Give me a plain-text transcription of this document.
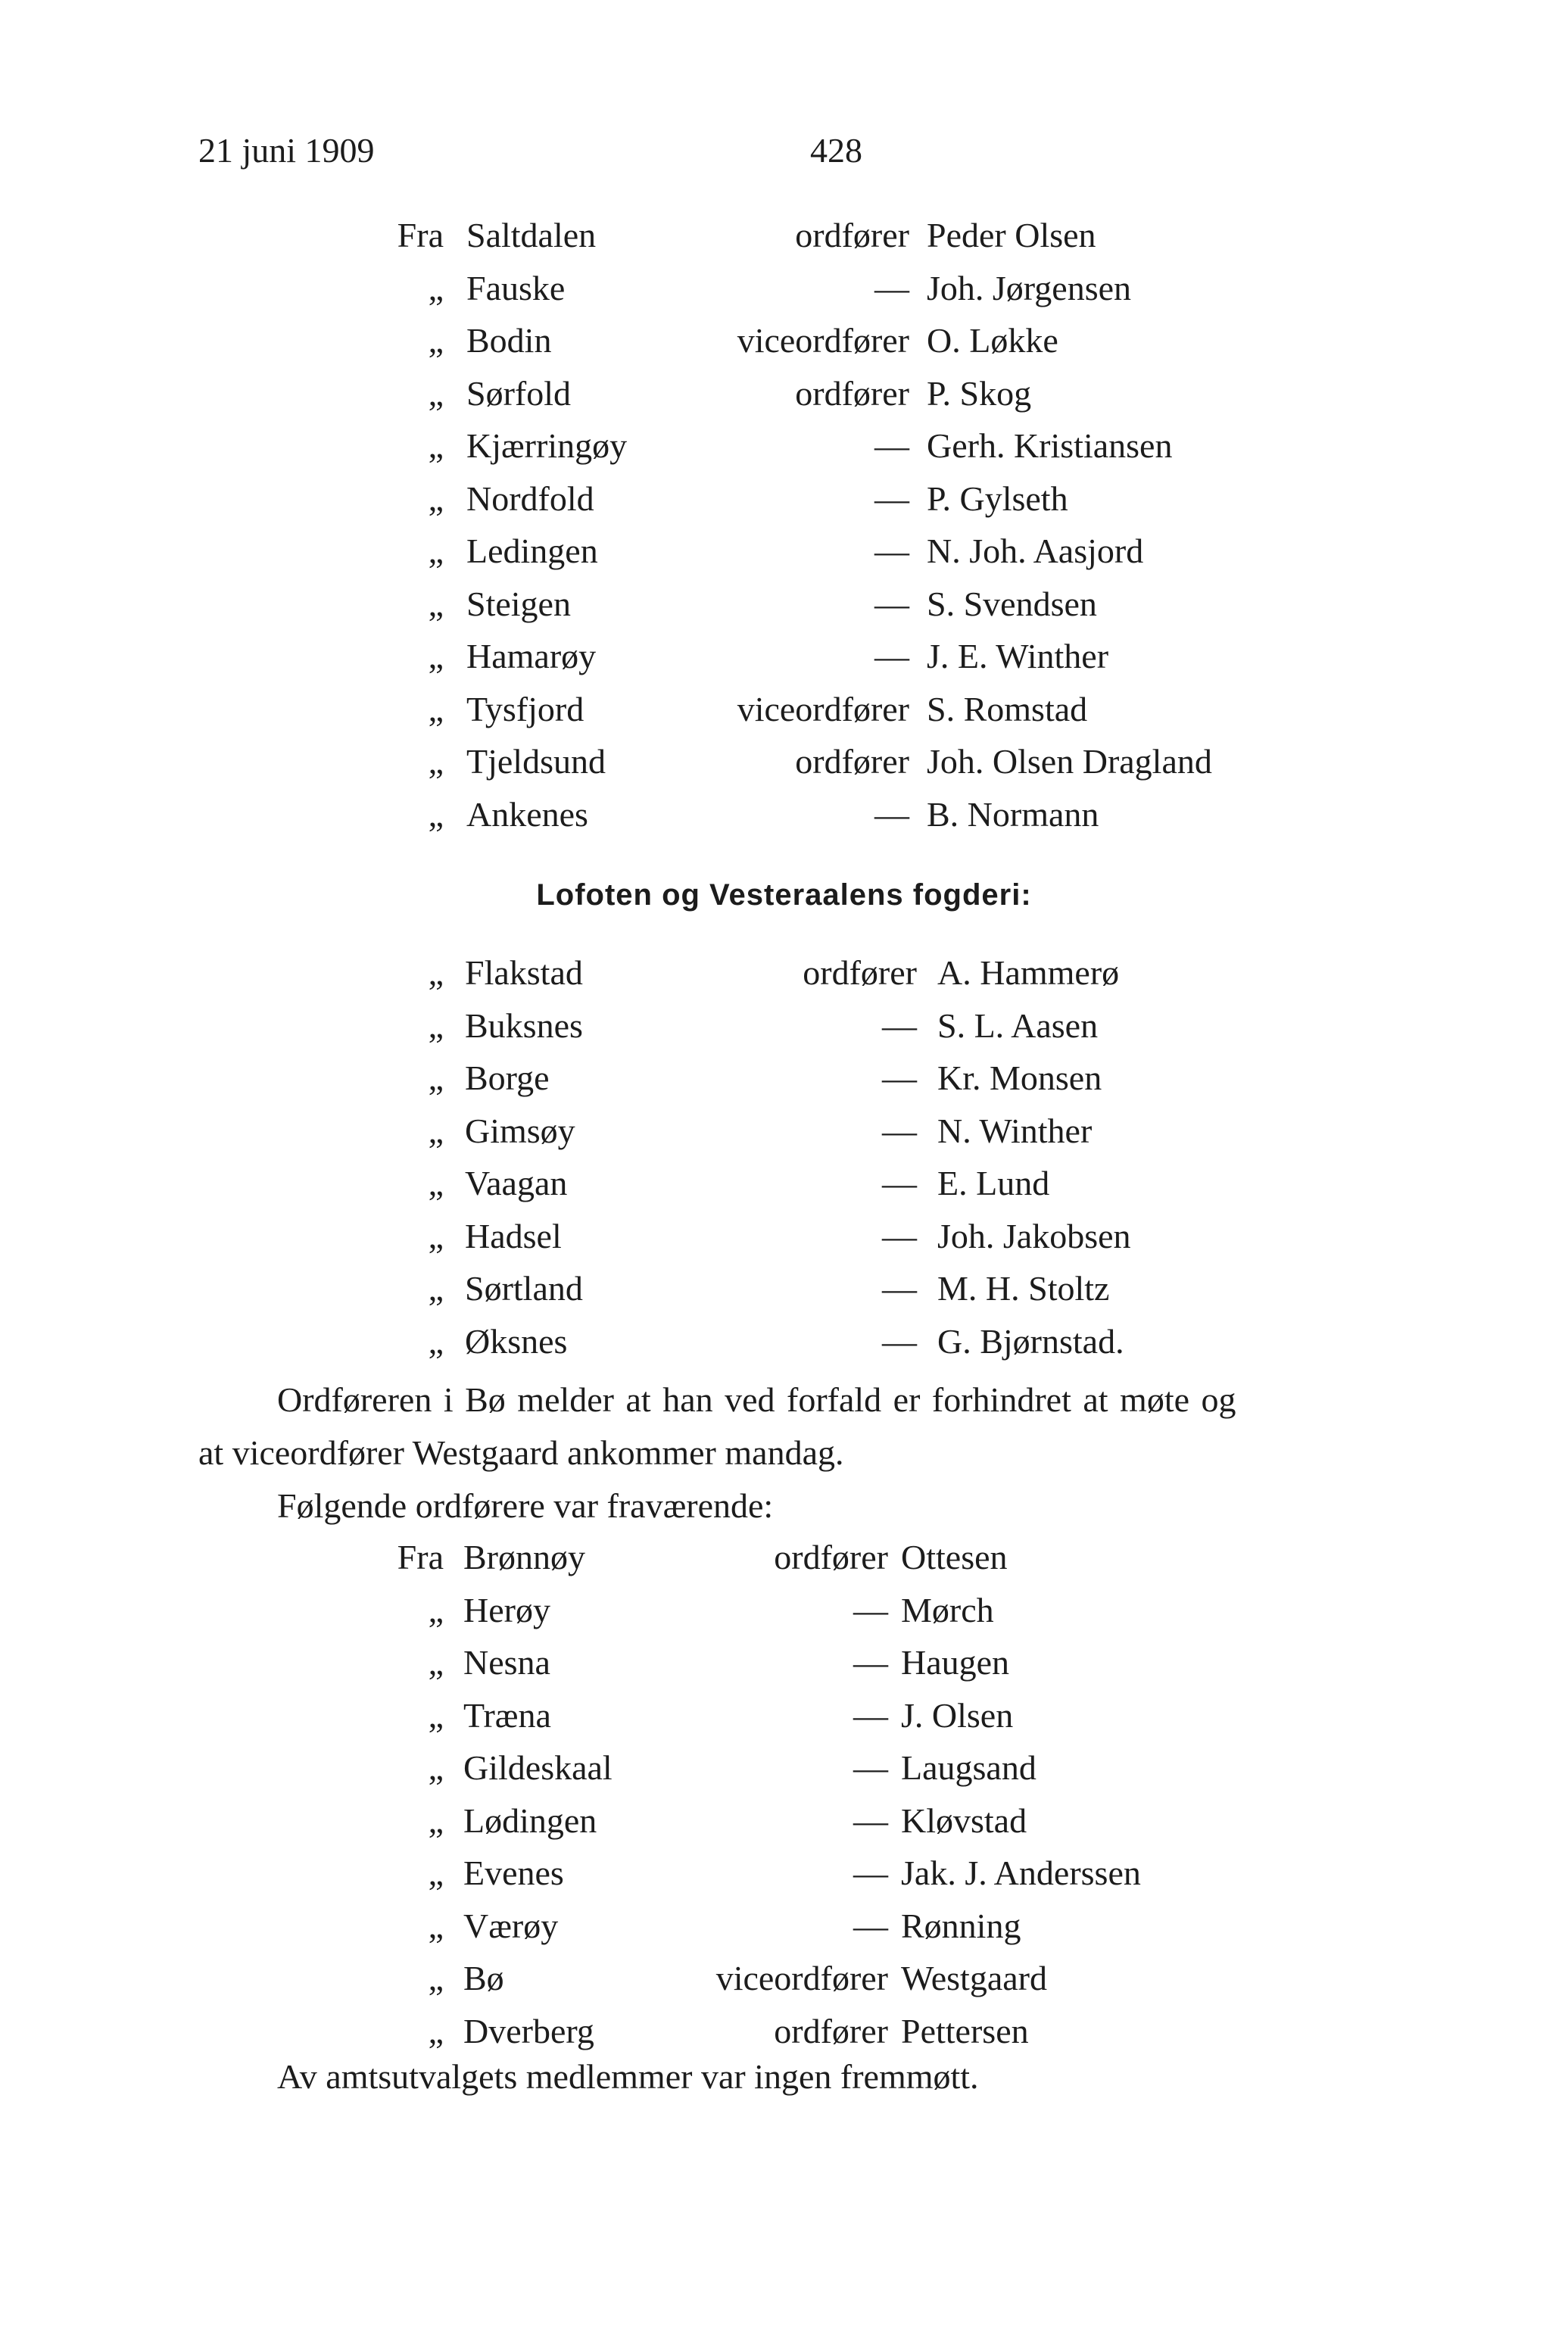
21 juni 1909	428
Fra Saltdalen	ordfører Peder Olsen
„ Fauske	— Joh. Jørgensen
„ Bodin	viceordfører O. Løkke
„ Sørfold	ordfører P. Skog
„ Kjærringøy	— Gerh. Kristiansen
„ Nordfold	— P. Gylseth
„ Ledingen	— N. Joh. Aasjord
„ Steigen	— S. Svendsen
„ Hamarøy	— J. E. Winther
„ Tysfjord	viceordfører S. Romstad
„ Tjeldsund	ordfører Joh. Olsen Dragland
„ Ankenes	— B. Normann
Lofoten og Vesteraalens fogderi:
„ Flakstad	ordfører A. Hammerø
„ Buksnes	— S. L. Aasen
„ Borge	— Kr. Monsen
„ Gimsøy	— N. Winther
„ Vaagan	— E. Lund
„ Hadsel	— Joh. Jakobsen
„ Sørtland	— M. H. Stoltz
„ Øksnes	— G. Bjørnstad.
Ordføreren i Bø melder at han ved forfald er forhindret at møte og
at viceordfører Westgaard ankommer mandag.
Følgende ordførere var fraværende:
Fra Brønnøy	ordfører Ottesen
„ Herøy	— Mørch
„ Nesna	— Haugen
„ Træna	— J. Olsen
„ Gildeskaal	— Laugsand
„ Lødingen	— Kløvstad
„ Evenes	— Jak. J. Anderssen
„ Værøy	— Rønning
„ Bø	viceordfører Westgaard
„ Dverberg	ordfører Pettersen
Av amtsutvalgets medlemmer var ingen fremmøtt.
